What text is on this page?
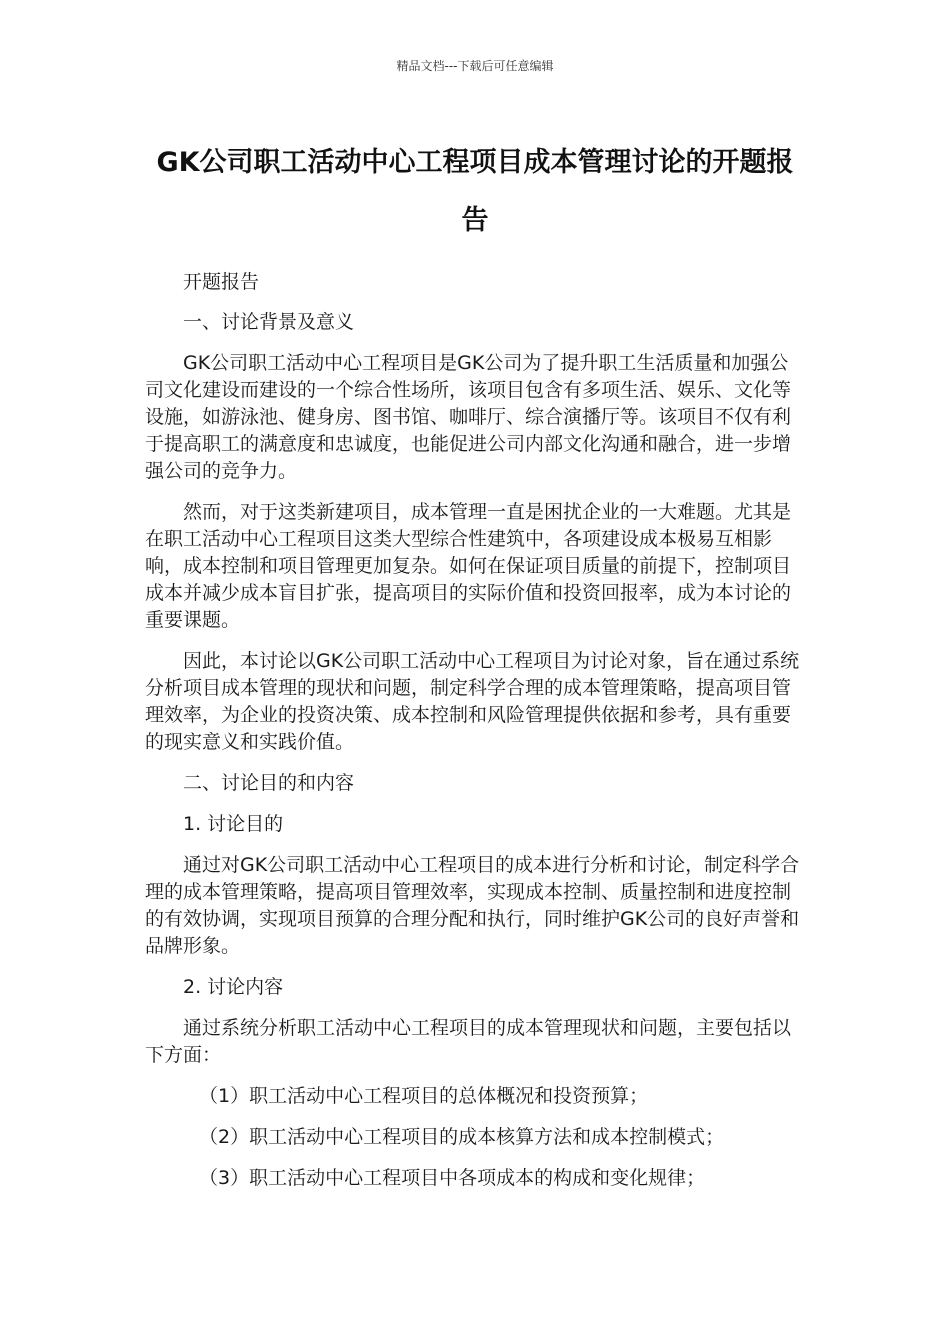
精品文档---下载后可任意编辑
GK公司职工活动中心工程项目成本管理讨论的开题报告

开题报告

一、讨论背景及意义

GK公司职工活动中心工程项目是GK公司为了提升职工生活质量和加强公司文化建设而建设的一个综合性场所，该项目包含有多项生活、娱乐、文化等设施，如游泳池、健身房、图书馆、咖啡厅、综合演播厅等。该项目不仅有利于提高职工的满意度和忠诚度，也能促进公司内部文化沟通和融合，进一步增强公司的竞争力。

然而，对于这类新建项目，成本管理一直是困扰企业的一大难题。尤其是在职工活动中心工程项目这类大型综合性建筑中，各项建设成本极易互相影响，成本控制和项目管理更加复杂。如何在保证项目质量的前提下，控制项目成本并减少成本盲目扩张，提高项目的实际价值和投资回报率，成为本讨论的重要课题。

因此，本讨论以GK公司职工活动中心工程项目为讨论对象，旨在通过系统分析项目成本管理的现状和问题，制定科学合理的成本管理策略，提高项目管理效率，为企业的投资决策、成本控制和风险管理提供依据和参考，具有重要的现实意义和实践价值。

二、讨论目的和内容

1. 讨论目的

通过对GK公司职工活动中心工程项目的成本进行分析和讨论，制定科学合理的成本管理策略，提高项目管理效率，实现成本控制、质量控制和进度控制的有效协调，实现项目预算的合理分配和执行，同时维护GK公司的良好声誉和品牌形象。

2. 讨论内容

通过系统分析职工活动中心工程项目的成本管理现状和问题，主要包括以下方面：

（1）职工活动中心工程项目的总体概况和投资预算；

（2）职工活动中心工程项目的成本核算方法和成本控制模式；

（3）职工活动中心工程项目中各项成本的构成和变化规律；
